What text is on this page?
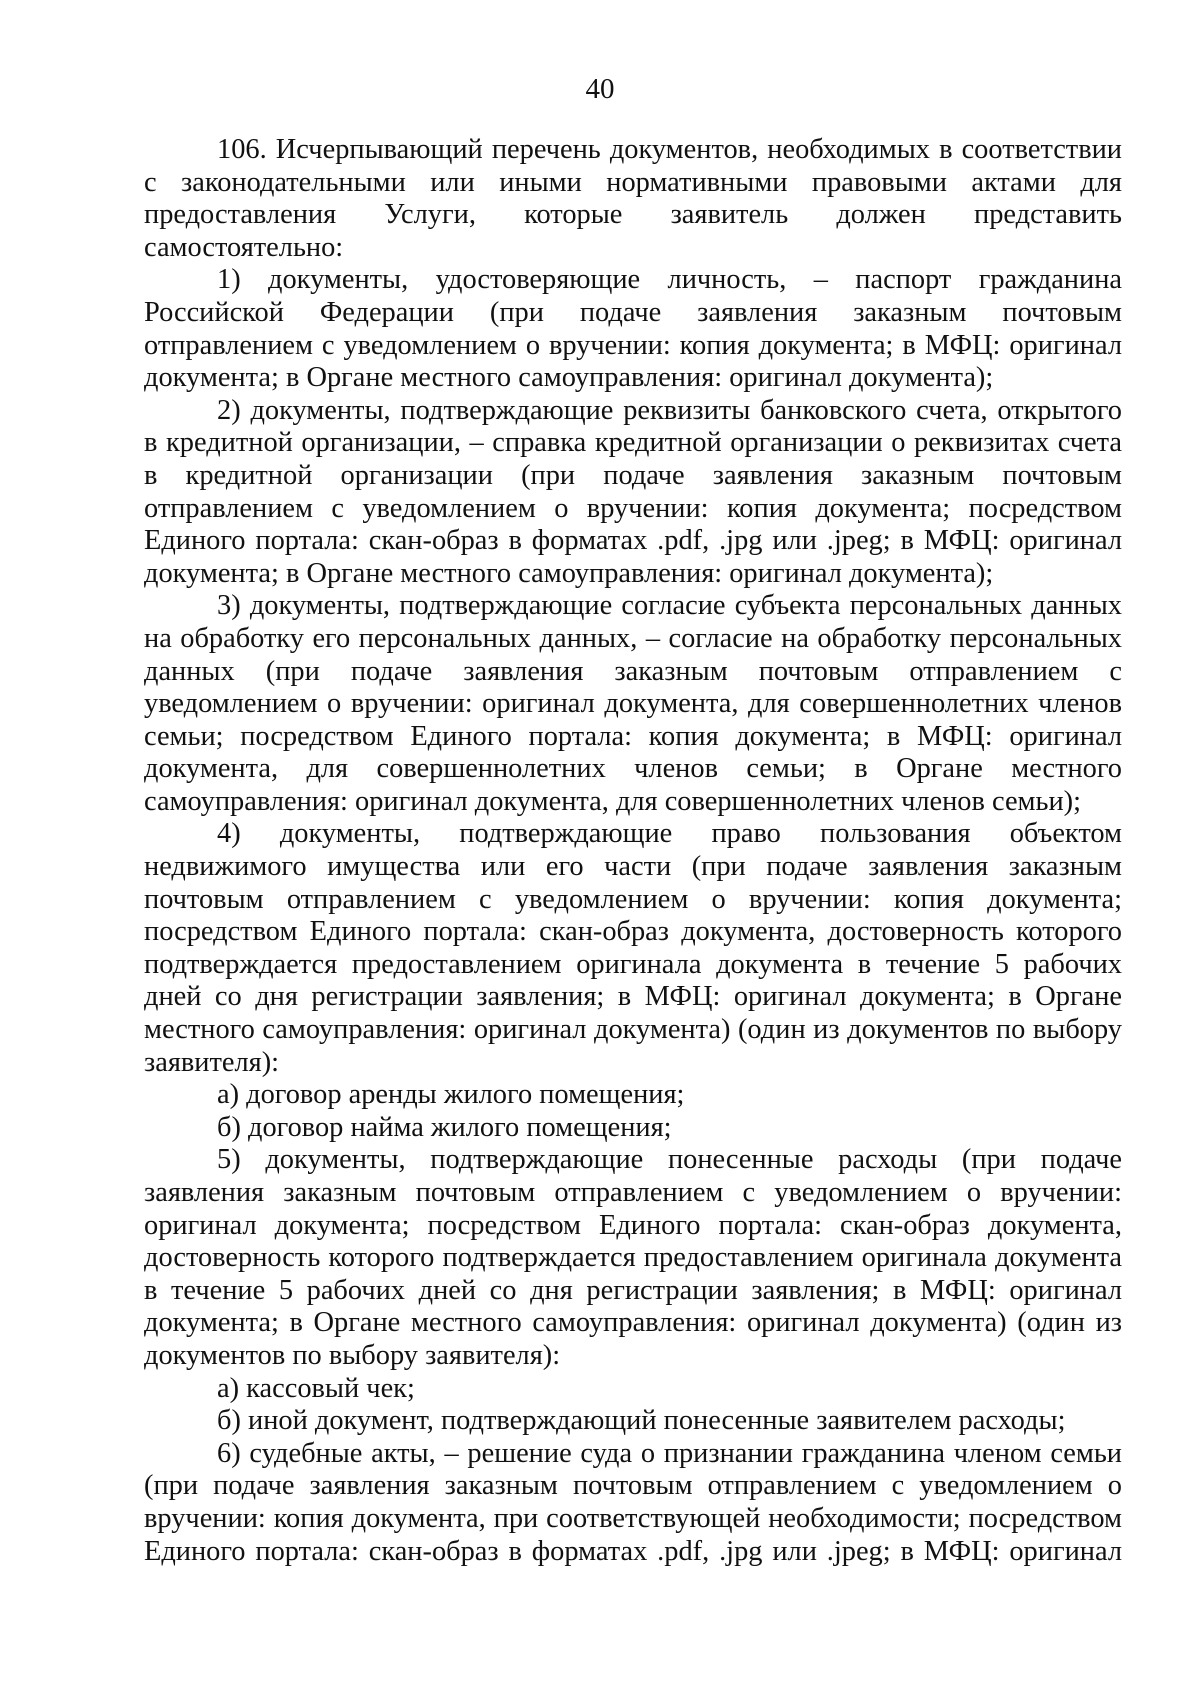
40

106. Исчерпывающий перечень документов, необходимых в соответствии с законодательными или иными нормативными правовыми актами для предоставления Услуги, которые заявитель должен представить самостоятельно:

1) документы, удостоверяющие личность, – паспорт гражданина Российской Федерации (при подаче заявления заказным почтовым отправлением с уведомлением о вручении: копия документа; в МФЦ: оригинал документа; в Органе местного самоуправления: оригинал документа);

2) документы, подтверждающие реквизиты банковского счета, открытого в кредитной организации, – справка кредитной организации о реквизитах счета в кредитной организации (при подаче заявления заказным почтовым отправлением с уведомлением о вручении: копия документа; посредством Единого портала: скан-образ в форматах .pdf, .jpg или .jpeg; в МФЦ: оригинал документа; в Органе местного самоуправления: оригинал документа);

3) документы, подтверждающие согласие субъекта персональных данных на обработку его персональных данных, – согласие на обработку персональных данных (при подаче заявления заказным почтовым отправлением с уведомлением о вручении: оригинал документа, для совершеннолетних членов семьи; посредством Единого портала: копия документа; в МФЦ: оригинал документа, для совершеннолетних членов семьи; в Органе местного самоуправления: оригинал документа, для совершеннолетних членов семьи);

4) документы, подтверждающие право пользования объектом недвижимого имущества или его части (при подаче заявления заказным почтовым отправлением с уведомлением о вручении: копия документа; посредством Единого портала: скан-образ документа, достоверность которого подтверждается предоставлением оригинала документа в течение 5 рабочих дней со дня регистрации заявления; в МФЦ: оригинал документа; в Органе местного самоуправления: оригинал документа) (один из документов по выбору заявителя):

а) договор аренды жилого помещения;

б) договор найма жилого помещения;

5) документы, подтверждающие понесенные расходы (при подаче заявления заказным почтовым отправлением с уведомлением о вручении: оригинал документа; посредством Единого портала: скан-образ документа, достоверность которого подтверждается предоставлением оригинала документа в течение 5 рабочих дней со дня регистрации заявления; в МФЦ: оригинал документа; в Органе местного самоуправления: оригинал документа) (один из документов по выбору заявителя):

а) кассовый чек;

б) иной документ, подтверждающий понесенные заявителем расходы;

6) судебные акты, – решение суда о признании гражданина членом семьи (при подаче заявления заказным почтовым отправлением с уведомлением о вручении: копия документа, при соответствующей необходимости; посредством Единого портала: скан-образ в форматах .pdf, .jpg или .jpeg; в МФЦ: оригинал
